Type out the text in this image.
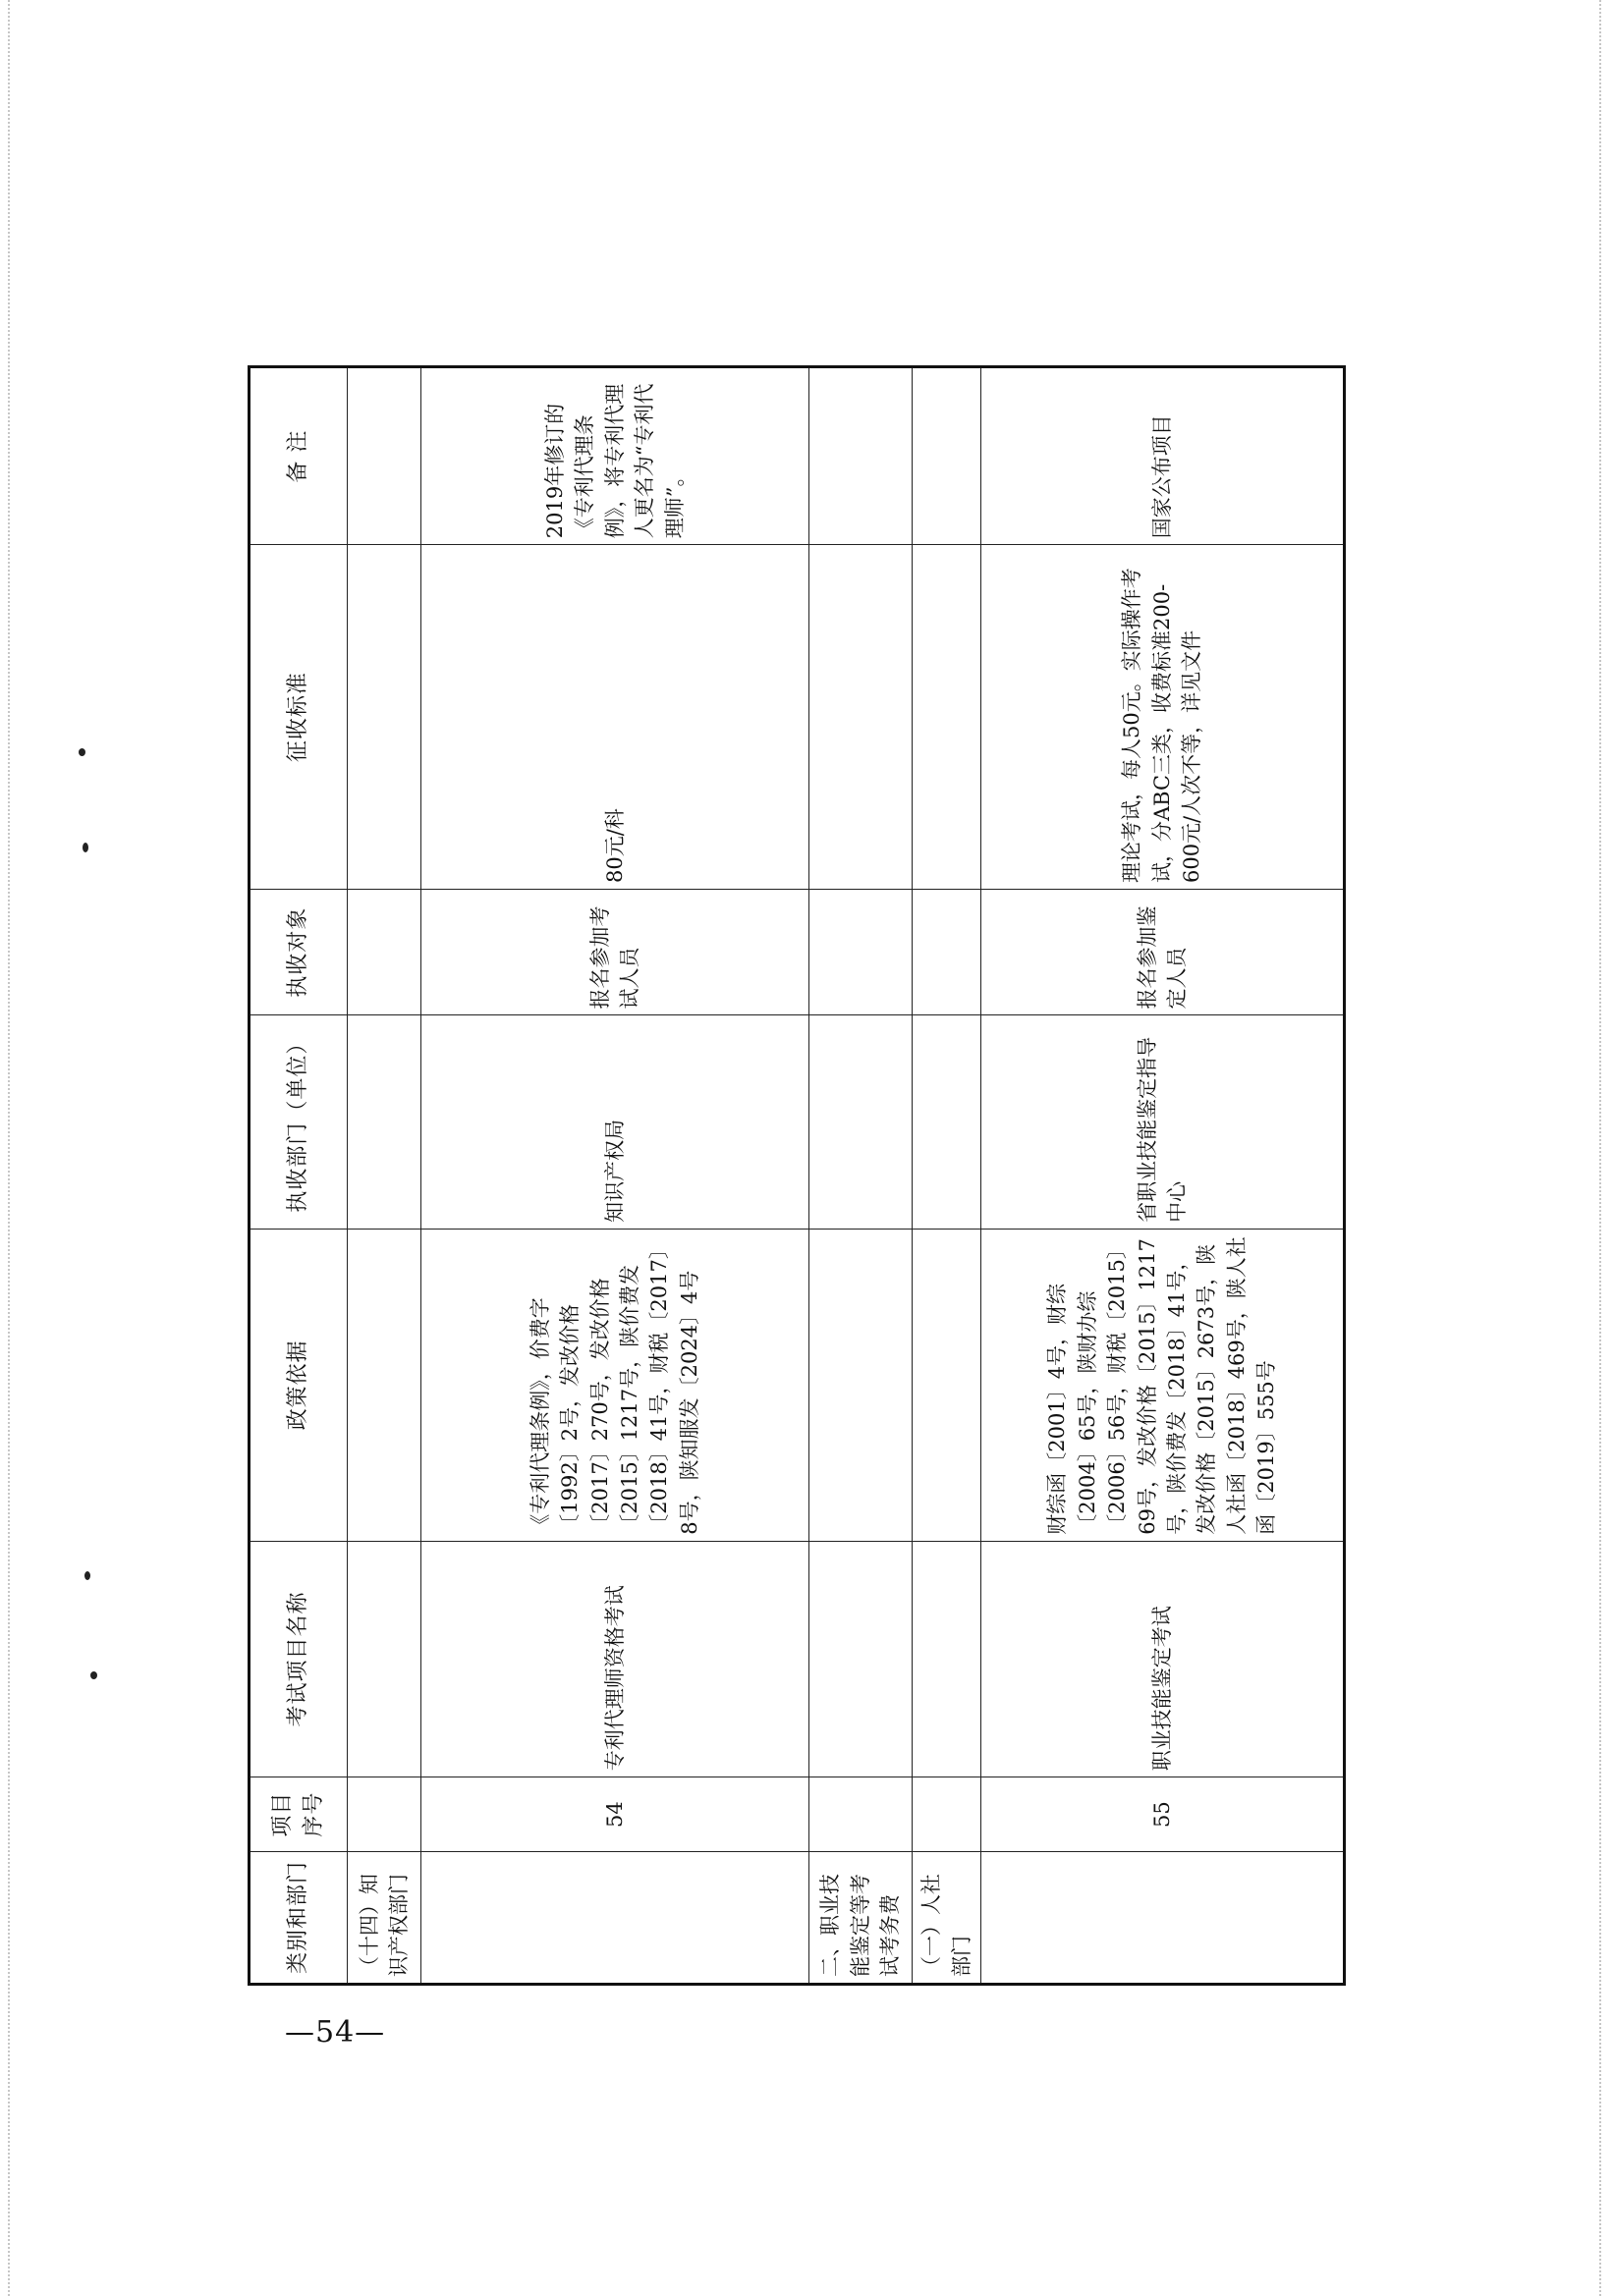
类别和部门	项目序号	考试项目名称	政策依据	执收部门（单位）	执收对象	征收标准	备 注
（十四）知识产权部门							
	54	专利代理师资格考试	《专利代理条例》，价费字〔1992〕2号，发改价格〔2017〕270号，发改价格〔2015〕1217号，陕价费发〔2018〕41号，财税〔2017〕8号，陕知服发〔2024〕4号	知识产权局	报名参加考试人员	80元/科	2019年修订的《专利代理条例》，将专利代理人更名为“专利代理师”。
二、职业技能鉴定等考试考务费							
（一）人社部门							
	55	职业技能鉴定考试	财综函〔2001〕4号，财综〔2004〕65号，陕财办综〔2006〕56号，财税〔2015〕69号，发改价格〔2015〕1217号，陕价费发〔2018〕41号，发改价格〔2015〕2673号，陕人社函〔2018〕469号，陕人社函〔2019〕555号	省职业技能鉴定指导中心	报名参加鉴定人员	理论考试，每人50元。实际操作考试，分ABC三类，收费标准200-600元/人次不等，详见文件	国家公布项目
—54—
